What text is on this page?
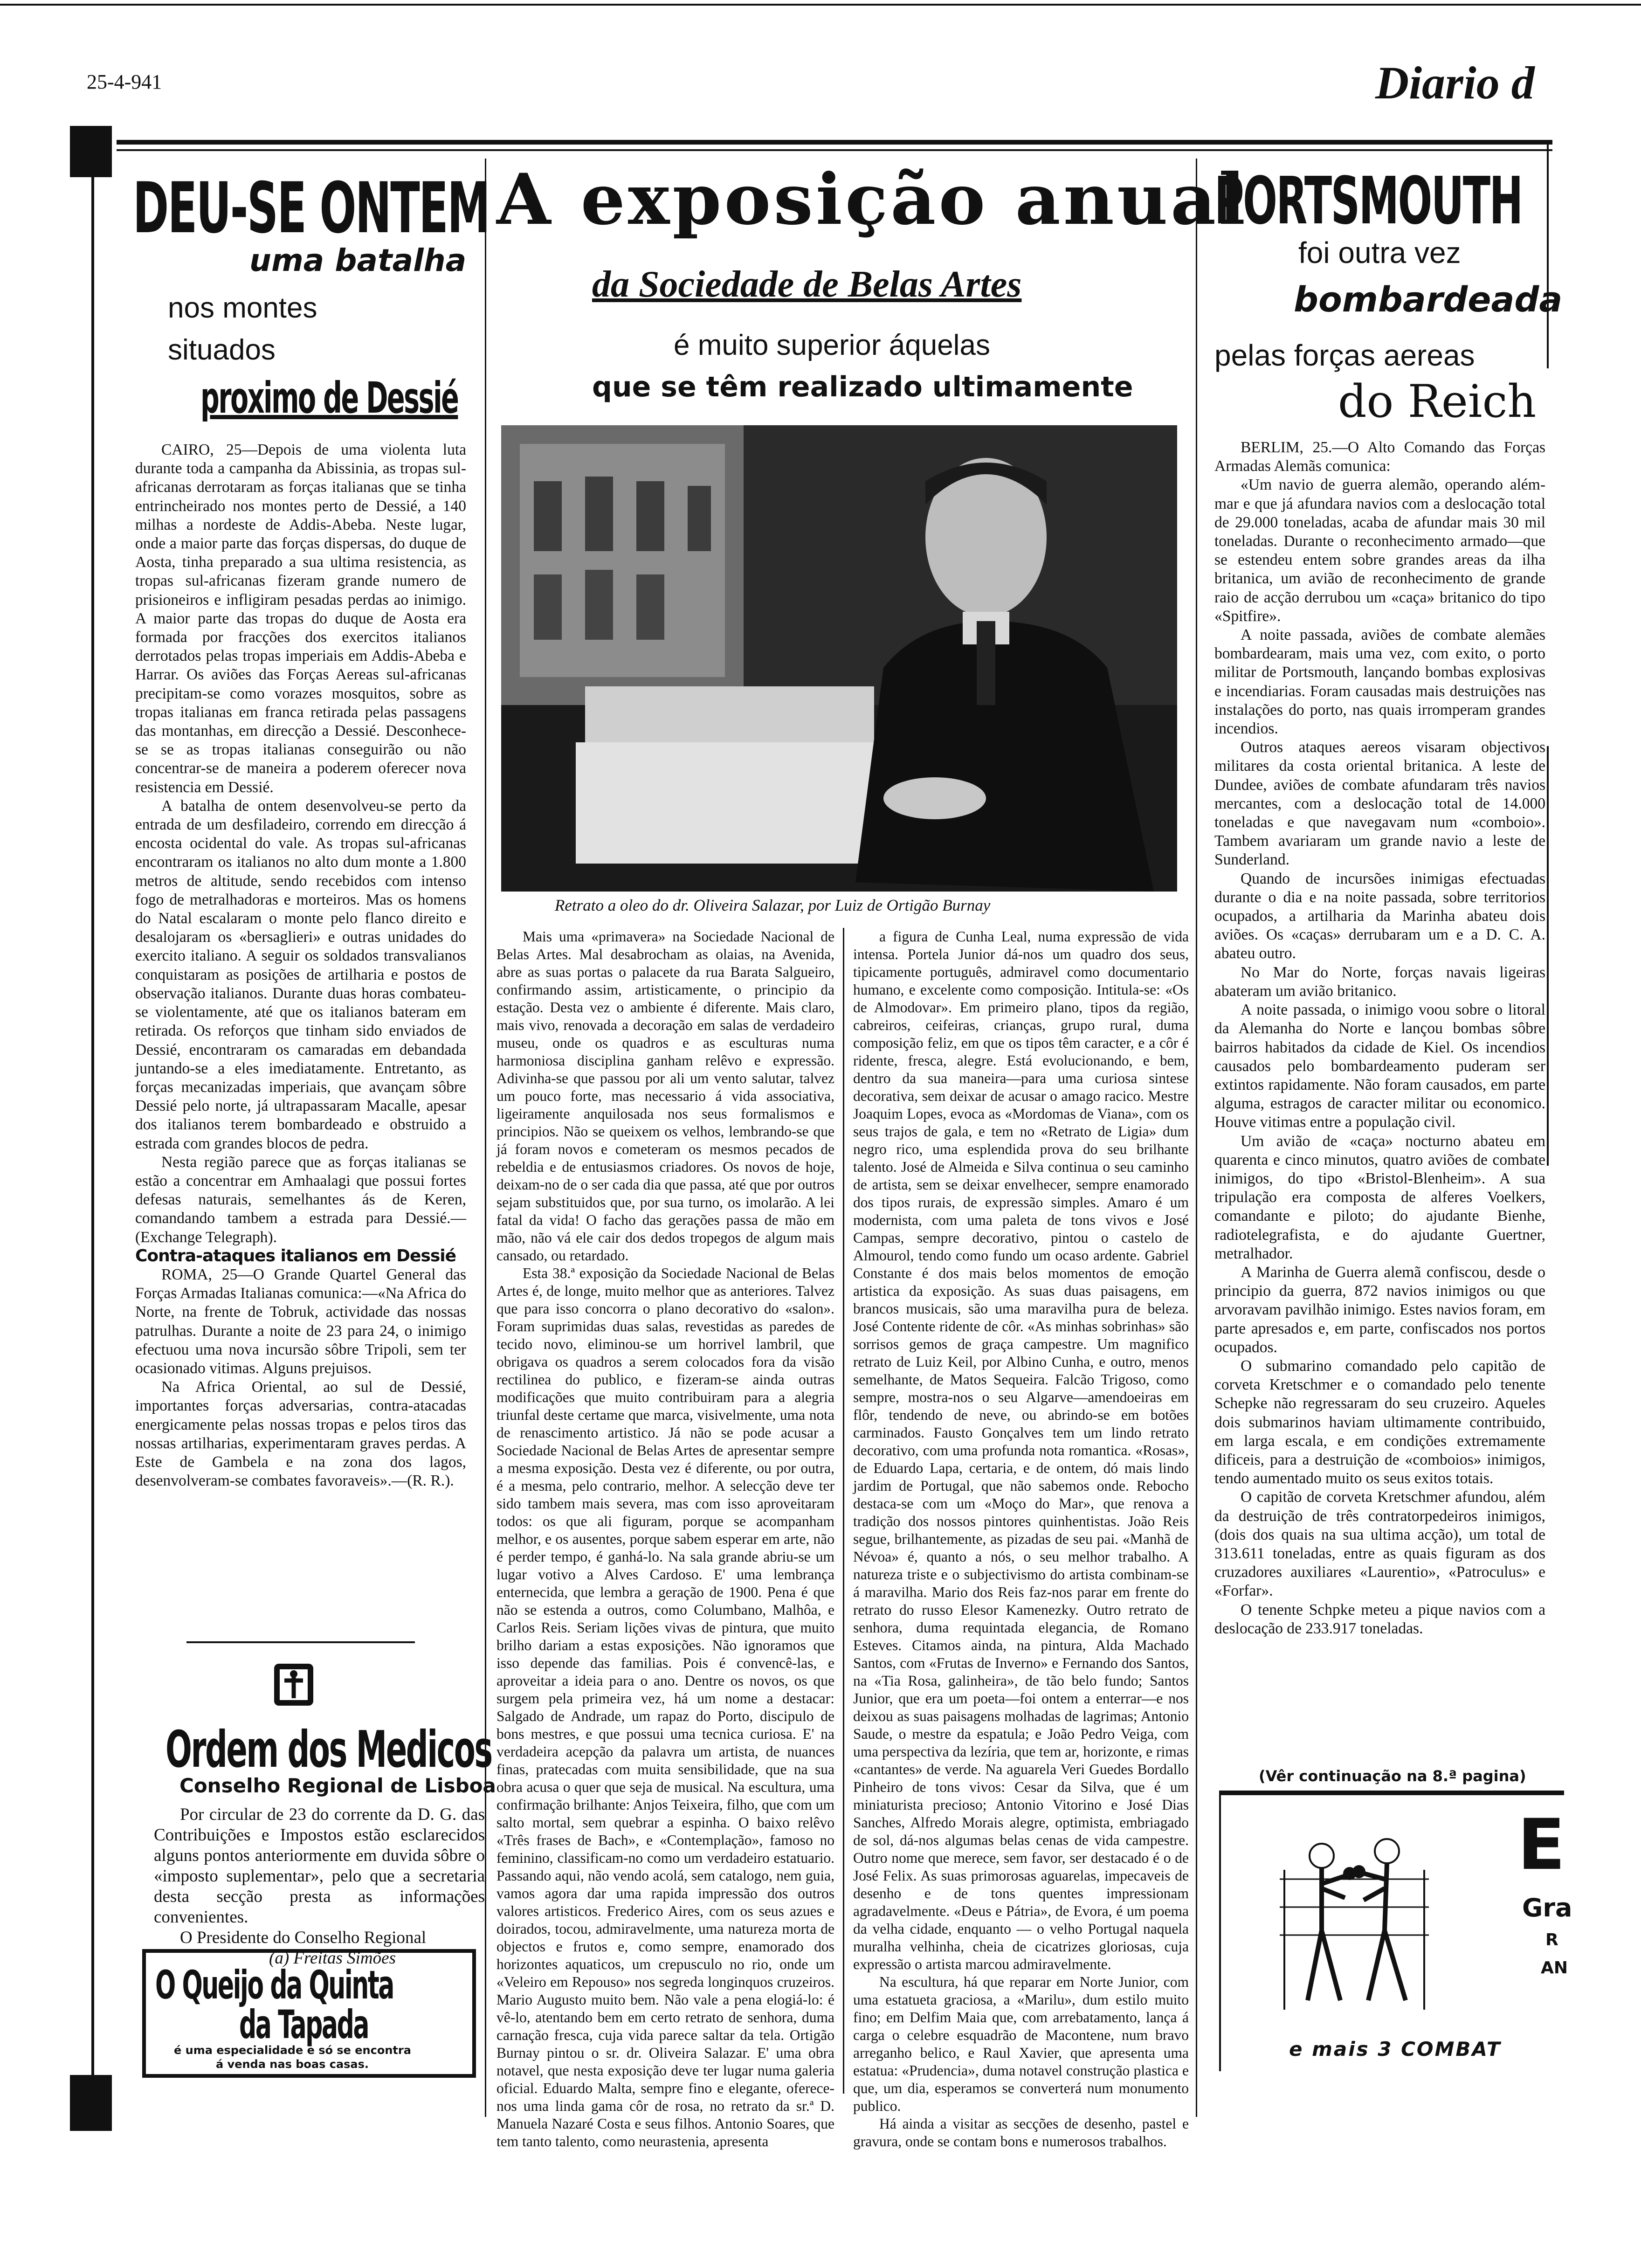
25-4-941	Diario d
DEU-SE ONTEM
uma batalha
nos montes
situados
proximo de Dessié

CAIRO, 25—Depois de uma violenta luta durante toda a campanha da Abissinia, as tropas sul-africanas derrotaram as forças italianas que se tinha entrincheirado nos montes perto de Dessié, a 140 milhas a nordeste de Addis-Abeba. Neste lugar, onde a maior parte das forças dispersas, do duque de Aosta, tinha preparado a sua ultima resistencia, as tropas sul-africanas fizeram grande numero de prisioneiros e infligiram pesadas perdas ao inimigo. A maior parte das tropas do duque de Aosta era formada por fracções dos exercitos italianos derrotados pelas tropas imperiais em Addis-Abeba e Harrar. Os aviões das Forças Aereas sul-africanas precipitam-se como vorazes mosquitos, sobre as tropas italianas em franca retirada pelas passagens das montanhas, em direcção a Dessié. Desconhece-se se as tropas italianas conseguirão ou não concentrar-se de maneira a poderem oferecer nova resistencia em Dessié.

A batalha de ontem desenvolveu-se perto da entrada de um desfiladeiro, correndo em direcção á encosta ocidental do vale. As tropas sul-africanas encontraram os italianos no alto dum monte a 1.800 metros de altitude, sendo recebidos com intenso fogo de metralhadoras e morteiros. Mas os homens do Natal escalaram o monte pelo flanco direito e desalojaram os «bersaglieri» e outras unidades do exercito italiano. A seguir os soldados transvalianos conquistaram as posições de artilharia e postos de observação italianos. Durante duas horas combateu-se violentamente, até que os italianos bateram em retirada. Os reforços que tinham sido enviados de Dessié, encontraram os camaradas em debandada juntando-se a eles imediatamente. Entretanto, as forças mecanizadas imperiais, que avançam sôbre Dessié pelo norte, já ultrapassaram Macalle, apesar dos italianos terem bombardeado e obstruido a estrada com grandes blocos de pedra.

Nesta região parece que as forças italianas se estão a concentrar em Amhaalagi que possui fortes defesas naturais, semelhantes ás de Keren, comandando tambem a estrada para Dessié.—(Exchange Telegraph).

Contra-ataques italianos em Dessié

ROMA, 25—O Grande Quartel General das Forças Armadas Italianas comunica:—«Na Africa do Norte, na frente de Tobruk, actividade das nossas patrulhas. Durante a noite de 23 para 24, o inimigo efectuou uma nova incursão sôbre Tripoli, sem ter ocasionado vitimas. Alguns prejuisos.

Na Africa Oriental, ao sul de Dessié, importantes forças adversarias, contra-atacadas energicamente pelas nossas tropas e pelos tiros das nossas artilharias, experimentaram graves perdas. A Este de Gambela e na zona dos lagos, desenvolveram-se combates favoraveis».—(R. R.).

Ordem dos Medicos
Conselho Regional de Lisboa

Por circular de 23 do corrente da D. G. das Contribuições e Impostos estão esclarecidos alguns pontos anteriormente em duvida sôbre o «imposto suplementar», pelo que a secretaria desta secção presta as informações convenientes.

O Presidente do Conselho Regional

(a) Freitas Simões

O Queijo da Quinta
da Tapada
é uma especialidade e só se encontra
á venda nas boas casas.
A exposição anual
da Sociedade de Belas Artes
é muito superior áquelas
que se têm realizado ultimamente
Retrato a oleo do dr. Oliveira Salazar, por Luiz de Ortigão Burnay

Mais uma «primavera» na Sociedade Nacional de Belas Artes. Mal desabrocham as olaias, na Avenida, abre as suas portas o palacete da rua Barata Salgueiro, confirmando assim, artisticamente, o principio da estação. Desta vez o ambiente é diferente. Mais claro, mais vivo, renovada a decoração em salas de verdadeiro museu, onde os quadros e as esculturas numa harmoniosa disciplina ganham relêvo e expressão. Adivinha-se que passou por ali um vento salutar, talvez um pouco forte, mas necessario á vida associativa, ligeiramente anquilosada nos seus formalismos e principios. Não se queixem os velhos, lembrando-se que já foram novos e cometeram os mesmos pecados de rebeldia e de entusiasmos criadores. Os novos de hoje, deixam-no de o ser cada dia que passa, até que por outros sejam substituidos que, por sua turno, os imolarão. A lei fatal da vida! O facho das gerações passa de mão em mão, não vá ele cair dos dedos tropegos de algum mais cansado, ou retardado.

Esta 38.ª exposição da Sociedade Nacional de Belas Artes é, de longe, muito melhor que as anteriores. Talvez que para isso concorra o plano decorativo do «salon». Foram suprimidas duas salas, revestidas as paredes de tecido novo, eliminou-se um horrivel lambril, que obrigava os quadros a serem colocados fora da visão rectilinea do publico, e fizeram-se ainda outras modificações que muito contribuiram para a alegria triunfal deste certame que marca, visivelmente, uma nota de renascimento artistico. Já não se pode acusar a Sociedade Nacional de Belas Artes de apresentar sempre a mesma exposição. Desta vez é diferente, ou por outra, é a mesma, pelo contrario, melhor. A selecção deve ter sido tambem mais severa, mas com isso aproveitaram todos: os que ali figuram, porque se acompanham melhor, e os ausentes, porque sabem esperar em arte, não é perder tempo, é ganhá-lo. Na sala grande abriu-se um lugar votivo a Alves Cardoso. E' uma lembrança enternecida, que lembra a geração de 1900. Pena é que não se estenda a outros, como Columbano, Malhôa, e Carlos Reis. Seriam lições vivas de pintura, que muito brilho dariam a estas exposições. Não ignoramos que isso depende das familias. Pois é convencê-las, e aproveitar a ideia para o ano. Dentre os novos, os que surgem pela primeira vez, há um nome a destacar: Salgado de Andrade, um rapaz do Porto, discipulo de bons mestres, e que possui uma tecnica curiosa. E' na verdadeira acepção da palavra um artista, de nuances finas, pratecadas com muita sensibilidade, que na sua obra acusa o quer que seja de musical. Na escultura, uma confirmação brilhante: Anjos Teixeira, filho, que com um salto mortal, sem quebrar a espinha. O baixo relêvo «Três frases de Bach», e «Contemplação», famoso no feminino, classificam-no como um verdadeiro estatuario. Passando aqui, não vendo acolá, sem catalogo, nem guia, vamos agora dar uma rapida impressão dos outros valores artisticos. Frederico Aires, com os seus azues e doirados, tocou, admiravelmente, uma natureza morta de objectos e frutos e, como sempre, enamorado dos horizontes aquaticos, um crepusculo no rio, onde um «Veleiro em Repouso» nos segreda longinquos cruzeiros. Mario Augusto muito bem. Não vale a pena elogiá-lo: é vê-lo, atentando bem em certo retrato de senhora, duma carnação fresca, cuja vida parece saltar da tela. Ortigão Burnay pintou o sr. dr. Oliveira Salazar. E' uma obra notavel, que nesta exposição deve ter lugar numa galeria oficial. Eduardo Malta, sempre fino e elegante, oferece-nos uma linda gama côr de rosa, no retrato da sr.ª D. Manuela Nazaré Costa e seus filhos. Antonio Soares, que tem tanto talento, como neurastenia, apresenta

a figura de Cunha Leal, numa expressão de vida intensa. Portela Junior dá-nos um quadro dos seus, tipicamente português, admiravel como documentario humano, e excelente como composição. Intitula-se: «Os de Almodovar». Em primeiro plano, tipos da região, cabreiros, ceifeiras, crianças, grupo rural, duma composição feliz, em que os tipos têm caracter, e a côr é ridente, fresca, alegre. Está evolucionando, e bem, dentro da sua maneira—para uma curiosa sintese decorativa, sem deixar de acusar o amago racico. Mestre Joaquim Lopes, evoca as «Mordomas de Viana», com os seus trajos de gala, e tem no «Retrato de Ligia» dum negro rico, uma esplendida prova do seu brilhante talento. José de Almeida e Silva continua o seu caminho de artista, sem se deixar envelhecer, sempre enamorado dos tipos rurais, de expressão simples. Amaro é um modernista, com uma paleta de tons vivos e José Campas, sempre decorativo, pintou o castelo de Almourol, tendo como fundo um ocaso ardente. Gabriel Constante é dos mais belos momentos de emoção artistica da exposição. As suas duas paisagens, em brancos musicais, são uma maravilha pura de beleza. José Contente ridente de côr. «As minhas sobrinhas» são sorrisos gemos de graça campestre. Um magnifico retrato de Luiz Keil, por Albino Cunha, e outro, menos semelhante, de Matos Sequeira. Falcão Trigoso, como sempre, mostra-nos o seu Algarve—amendoeiras em flôr, tendendo de neve, ou abrindo-se em botões carminados. Fausto Gonçalves tem um lindo retrato decorativo, com uma profunda nota romantica. «Rosas», de Eduardo Lapa, certaria, e de ontem, dó mais lindo jardim de Portugal, que não sabemos onde. Rebocho destaca-se com um «Moço do Mar», que renova a tradição dos nossos pintores quinhentistas. João Reis segue, brilhantemente, as pizadas de seu pai. «Manhã de Névoa» é, quanto a nós, o seu melhor trabalho. A natureza triste e o subjectivismo do artista combinam-se á maravilha. Mario dos Reis faz-nos parar em frente do retrato do russo Elesor Kamenezky. Outro retrato de senhora, duma requintada elegancia, de Romano Esteves. Citamos ainda, na pintura, Alda Machado Santos, com «Frutas de Inverno» e Fernando dos Santos, na «Tia Rosa, galinheira», de tão belo fundo; Santos Junior, que era um poeta—foi ontem a enterrar—e nos deixou as suas paisagens molhadas de lagrimas; Antonio Saude, o mestre da espatula; e João Pedro Veiga, com uma perspectiva da lezíria, que tem ar, horizonte, e rimas «cantantes» de verde. Na aguarela Veri Guedes Bordallo Pinheiro de tons vivos: Cesar da Silva, que é um miniaturista precioso; Antonio Vitorino e José Dias Sanches, Alfredo Morais alegre, optimista, embriagado de sol, dá-nos algumas belas cenas de vida campestre. Outro nome que merece, sem favor, ser destacado é o de José Felix. As suas primorosas aguarelas, impecaveis de desenho e de tons quentes impressionam agradavelmente. «Deus e Pátria», de Evora, é um poema da velha cidade, enquanto — o velho Portugal naquela muralha velhinha, cheia de cicatrizes gloriosas, cuja expressão o artista marcou admiravelmente.

Na escultura, há que reparar em Norte Junior, com uma estatueta graciosa, a «Marilu», dum estilo muito fino; em Delfim Maia que, com arrebatamento, lança á carga o celebre esquadrão de Macontene, num bravo arreganho belico, e Raul Xavier, que apresenta uma estatua: «Prudencia», duma notavel construção plastica e que, um dia, esperamos se converterá num monumento publico.

Há ainda a visitar as secções de desenho, pastel e gravura, onde se contam bons e numerosos trabalhos.

PORTSMOUTH
foi outra vez
bombardeada
pelas forças aereas
do Reich

BERLIM, 25.—O Alto Comando das Forças Armadas Alemãs comunica:

«Um navio de guerra alemão, operando além-mar e que já afundara navios com a deslocação total de 29.000 toneladas, acaba de afundar mais 30 mil toneladas. Durante o reconhecimento armado—que se estendeu entem sobre grandes areas da ilha britanica, um avião de reconhecimento de grande raio de acção derrubou um «caça» britanico do tipo «Spitfire».

A noite passada, aviões de combate alemães bombardearam, mais uma vez, com exito, o porto militar de Portsmouth, lançando bombas explosivas e incendiarias. Foram causadas mais destruições nas instalações do porto, nas quais irromperam grandes incendios.

Outros ataques aereos visaram objectivos militares da costa oriental britanica. A leste de Dundee, aviões de combate afundaram três navios mercantes, com a deslocação total de 14.000 toneladas e que navegavam num «comboio». Tambem avariaram um grande navio a leste de Sunderland.

Quando de incursões inimigas efectuadas durante o dia e na noite passada, sobre territorios ocupados, a artilharia da Marinha abateu dois aviões. Os «caças» derrubaram um e a D. C. A. abateu outro.

No Mar do Norte, forças navais ligeiras abateram um avião britanico.

A noite passada, o inimigo voou sobre o litoral da Alemanha do Norte e lançou bombas sôbre bairros habitados da cidade de Kiel. Os incendios causados pelo bombardeamento puderam ser extintos rapidamente. Não foram causados, em parte alguma, estragos de caracter militar ou economico. Houve vitimas entre a população civil.

Um avião de «caça» nocturno abateu em quarenta e cinco minutos, quatro aviões de combate inimigos, do tipo «Bristol-Blenheim». A sua tripulação era composta de alferes Voelkers, comandante e piloto; do ajudante Bienhe, radiotelegrafista, e do ajudante Guertner, metralhador.

A Marinha de Guerra alemã confiscou, desde o principio da guerra, 872 navios inimigos ou que arvoravam pavilhão inimigo. Estes navios foram, em parte apresados e, em parte, confiscados nos portos ocupados.

O submarino comandado pelo capitão de corveta Kretschmer e o comandado pelo tenente Schepke não regressaram do seu cruzeiro. Aqueles dois submarinos haviam ultimamente contribuido, em larga escala, e em condições extremamente dificeis, para a destruição de «comboios» inimigos, tendo aumentado muito os seus exitos totais.

O capitão de corveta Kretschmer afundou, além da destruição de três contratorpedeiros inimigos, (dois dos quais na sua ultima acção), um total de 313.611 toneladas, entre as quais figuram as dos cruzadores auxiliares «Laurentio», «Patroculus» e «Forfar».

O tenente Schpke meteu a pique navios com a deslocação de 233.917 toneladas.

(Vêr continuação na 8.ª pagina)
E
Gra
R
AN
e mais 3 COMBAT
